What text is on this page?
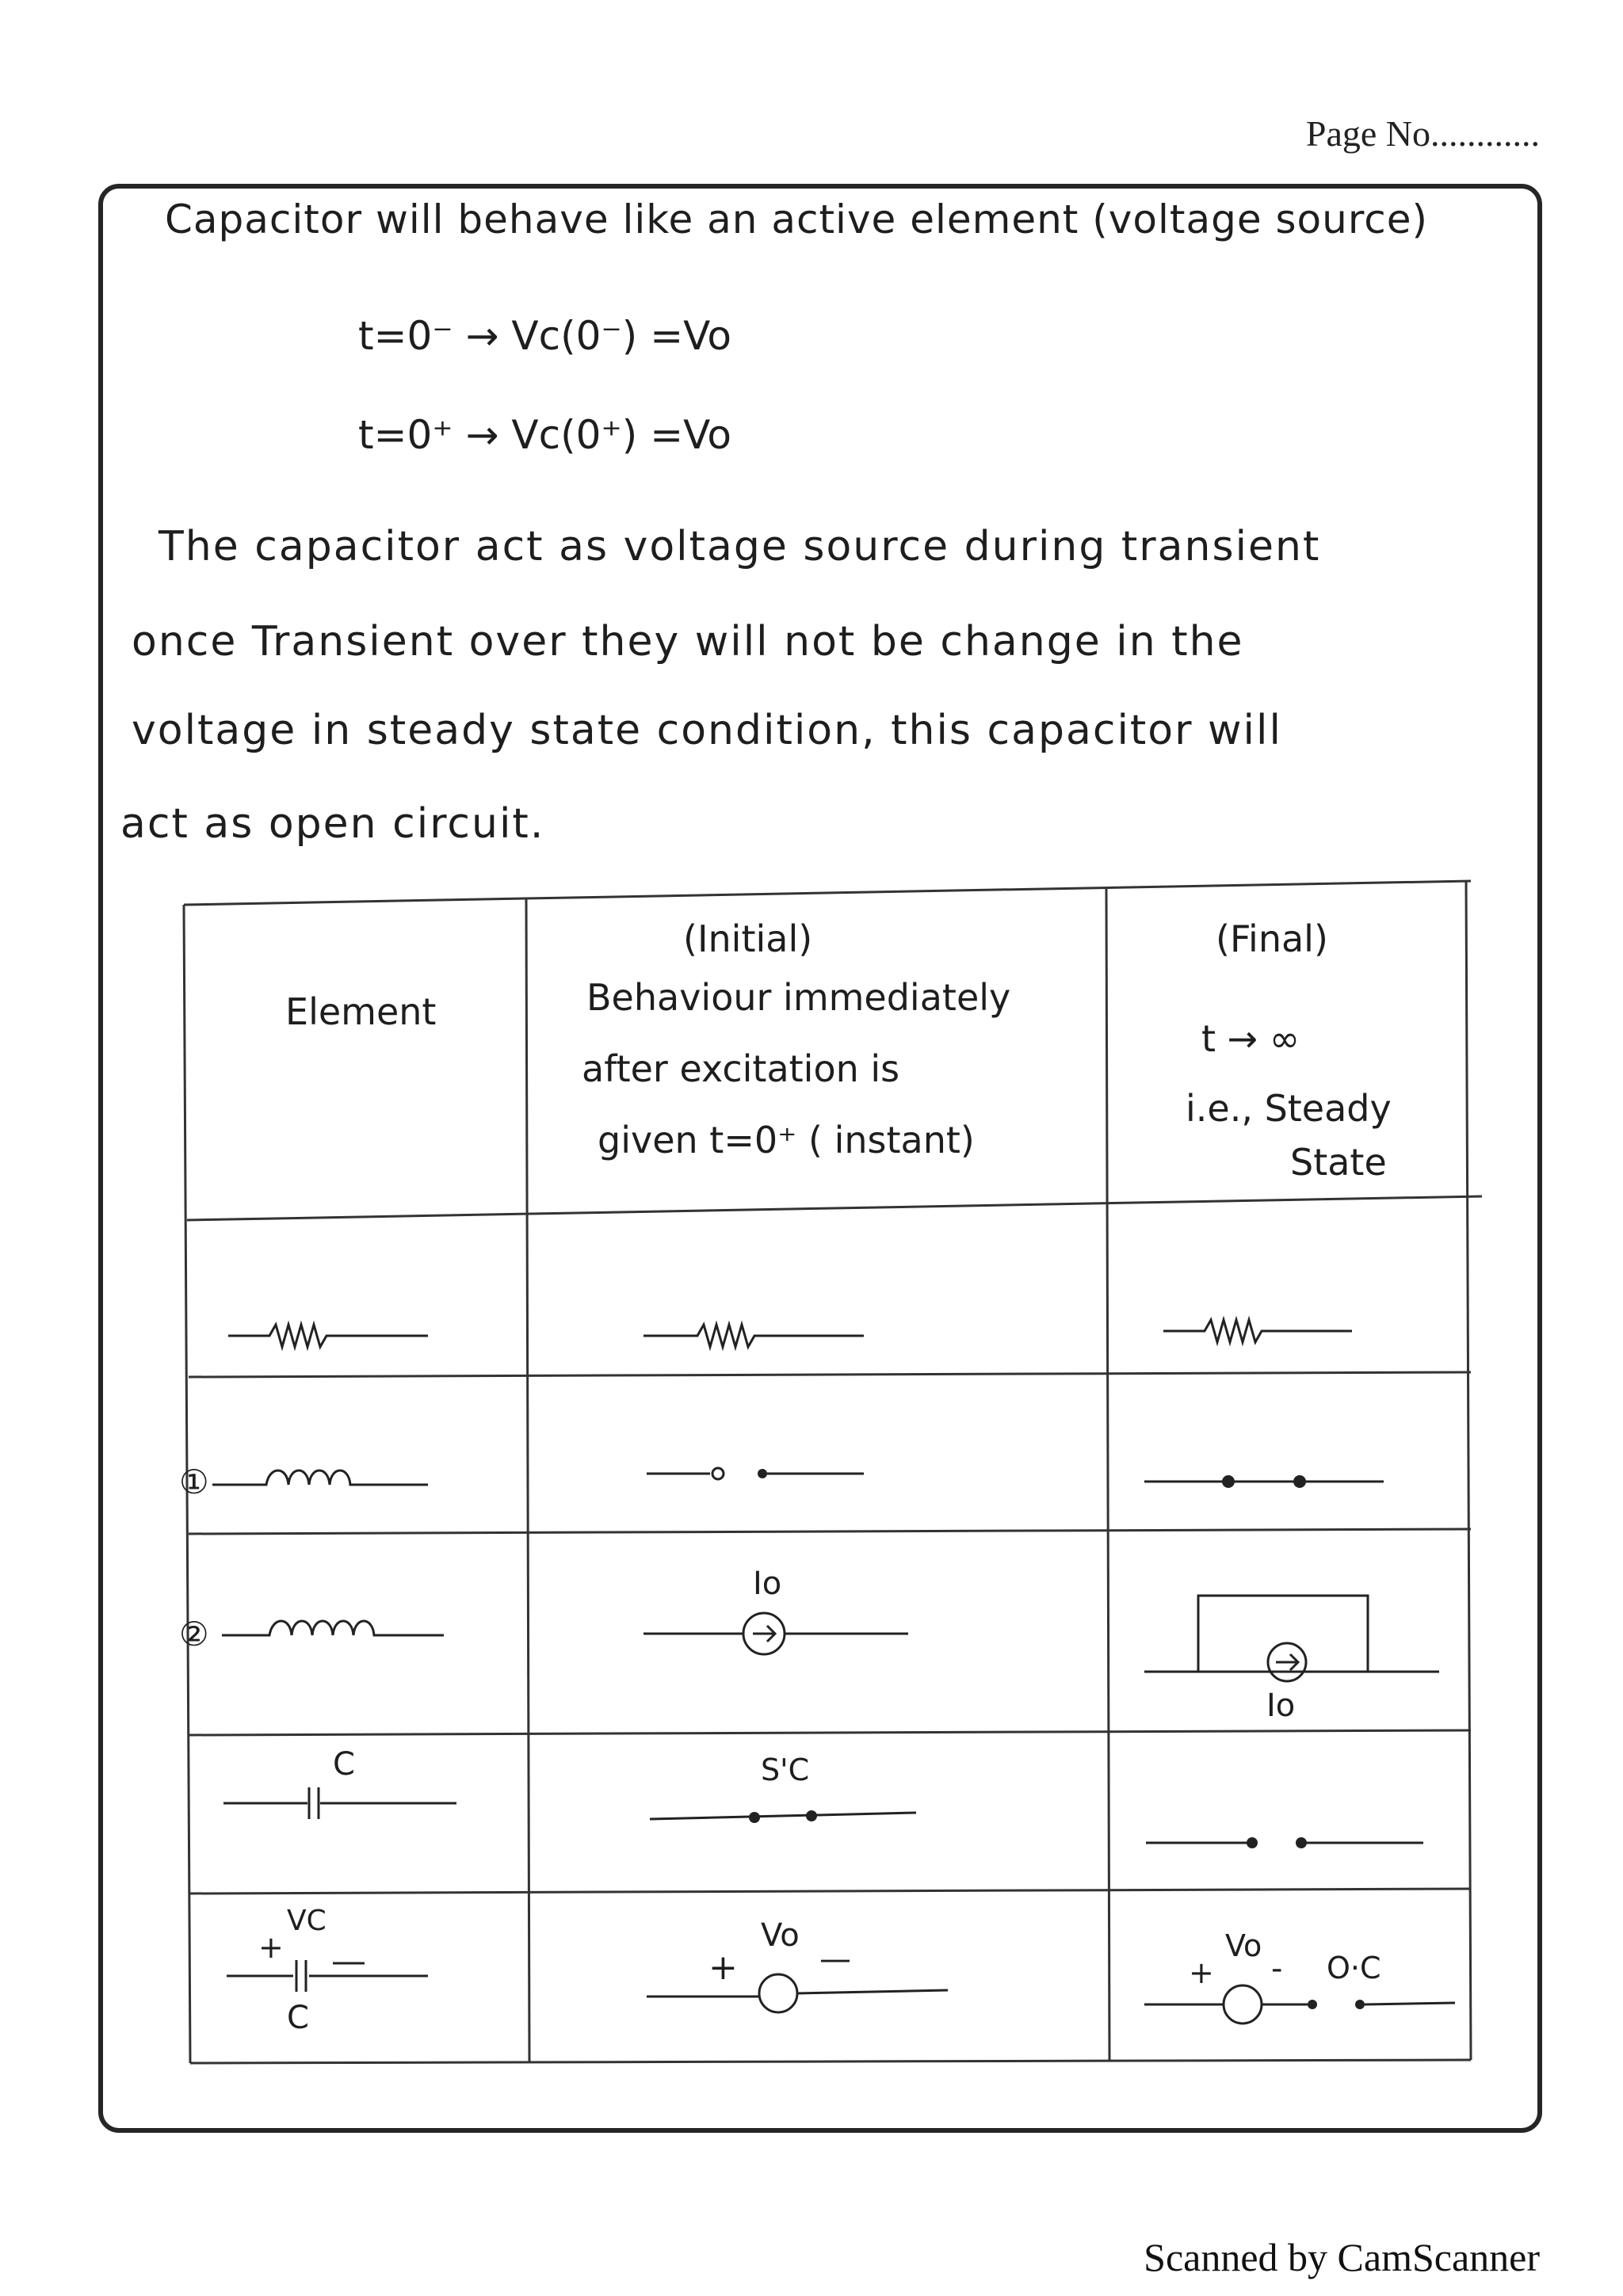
Page No............
Capacitor will behave like an active element (voltage source)
t=0⁻ → Vc(0⁻) =Vo
t=0⁺ → Vc(0⁺) =Vo
The capacitor act as voltage source during transient
once Transient over they will not be change in the
voltage in steady state condition, this capacitor will
act as open circuit.
Element
(Initial)
Behaviour immediately
after excitation is
given t=0⁺ ( instant)
(Final)
t → ∞
i.e., Steady
State
①
②
Io
Io
C	S'C
VC
+
C
+
Vo
—	+
Vo
- O·C
Scanned by CamScanner
